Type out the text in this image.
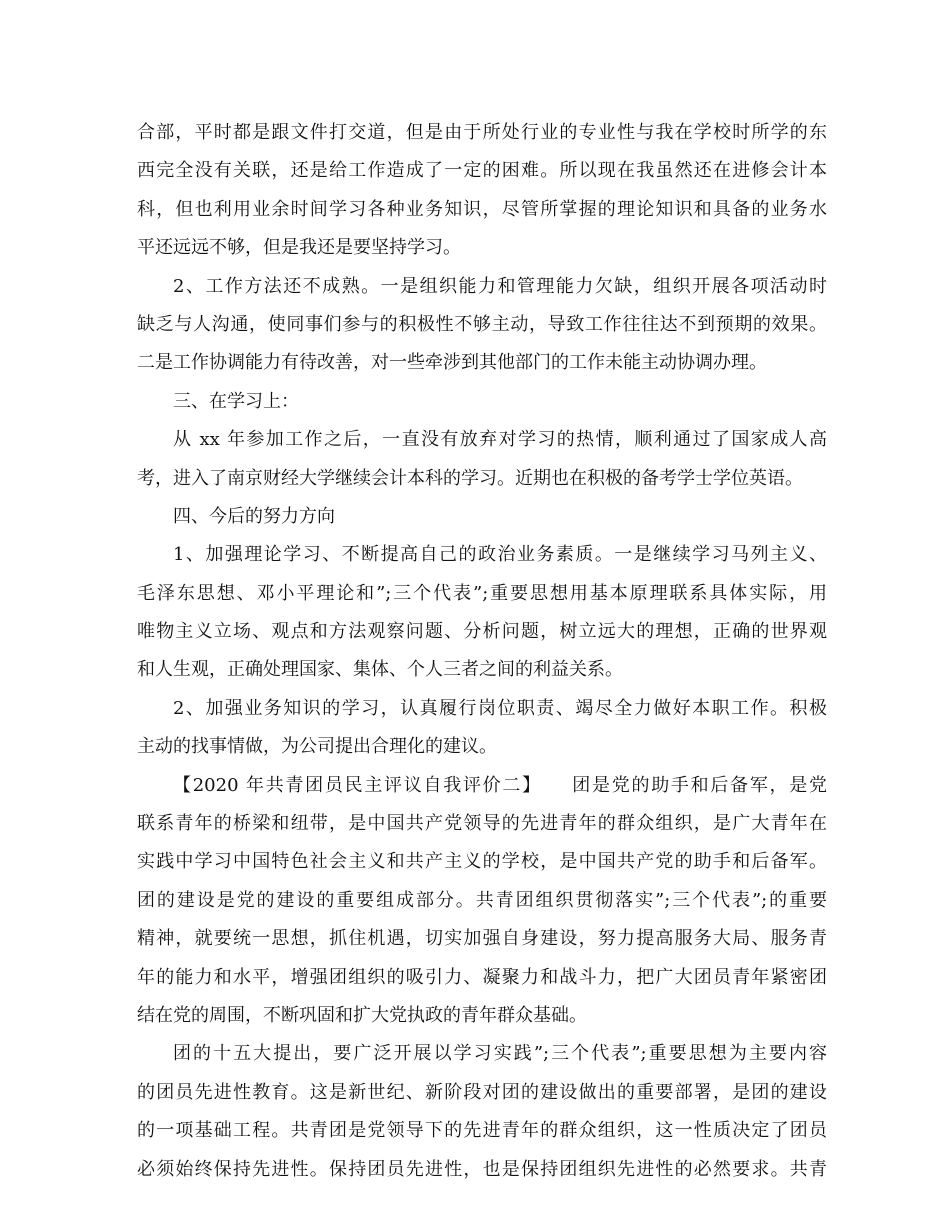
合部，平时都是跟文件打交道，但是由于所处行业的专业性与我在学校时所学的东
西完全没有关联，还是给工作造成了一定的困难。所以现在我虽然还在进修会计本
科，但也利用业余时间学习各种业务知识，尽管所掌握的理论知识和具备的业务水
平还远远不够，但是我还是要坚持学习。
2、工作方法还不成熟。一是组织能力和管理能力欠缺，组织开展各项活动时
缺乏与人沟通，使同事们参与的积极性不够主动，导致工作往往达不到预期的效果。
二是工作协调能力有待改善，对一些牵涉到其他部门的工作未能主动协调办理。
三、在学习上：
从 xx 年参加工作之后，一直没有放弃对学习的热情，顺利通过了国家成人高
考，进入了南京财经大学继续会计本科的学习。近期也在积极的备考学士学位英语。
四、今后的努力方向
1、加强理论学习、不断提高自己的政治业务素质。一是继续学习马列主义、
毛泽东思想、邓小平理论和”;三个代表”;重要思想用基本原理联系具体实际，用
唯物主义立场、观点和方法观察问题、分析问题，树立远大的理想，正确的世界观
和人生观，正确处理国家、集体、个人三者之间的利益关系。
2、加强业务知识的学习，认真履行岗位职责、竭尽全力做好本职工作。积极
主动的找事情做，为公司提出合理化的建议。
【2020 年共青团员民主评议自我评价二】　　团是党的助手和后备军，是党
联系青年的桥梁和纽带，是中国共产党领导的先进青年的群众组织，是广大青年在
实践中学习中国特色社会主义和共产主义的学校，是中国共产党的助手和后备军。
团的建设是党的建设的重要组成部分。共青团组织贯彻落实”;三个代表”;的重要
精神，就要统一思想，抓住机遇，切实加强自身建设，努力提高服务大局、服务青
年的能力和水平，增强团组织的吸引力、凝聚力和战斗力，把广大团员青年紧密团
结在党的周围，不断巩固和扩大党执政的青年群众基础。
团的十五大提出，要广泛开展以学习实践”;三个代表”;重要思想为主要内容
的团员先进性教育。这是新世纪、新阶段对团的建设做出的重要部署，是团的建设
的一项基础工程。共青团是党领导下的先进青年的群众组织，这一性质决定了团员
必须始终保持先进性。保持团员先进性，也是保持团组织先进性的必然要求。共青
